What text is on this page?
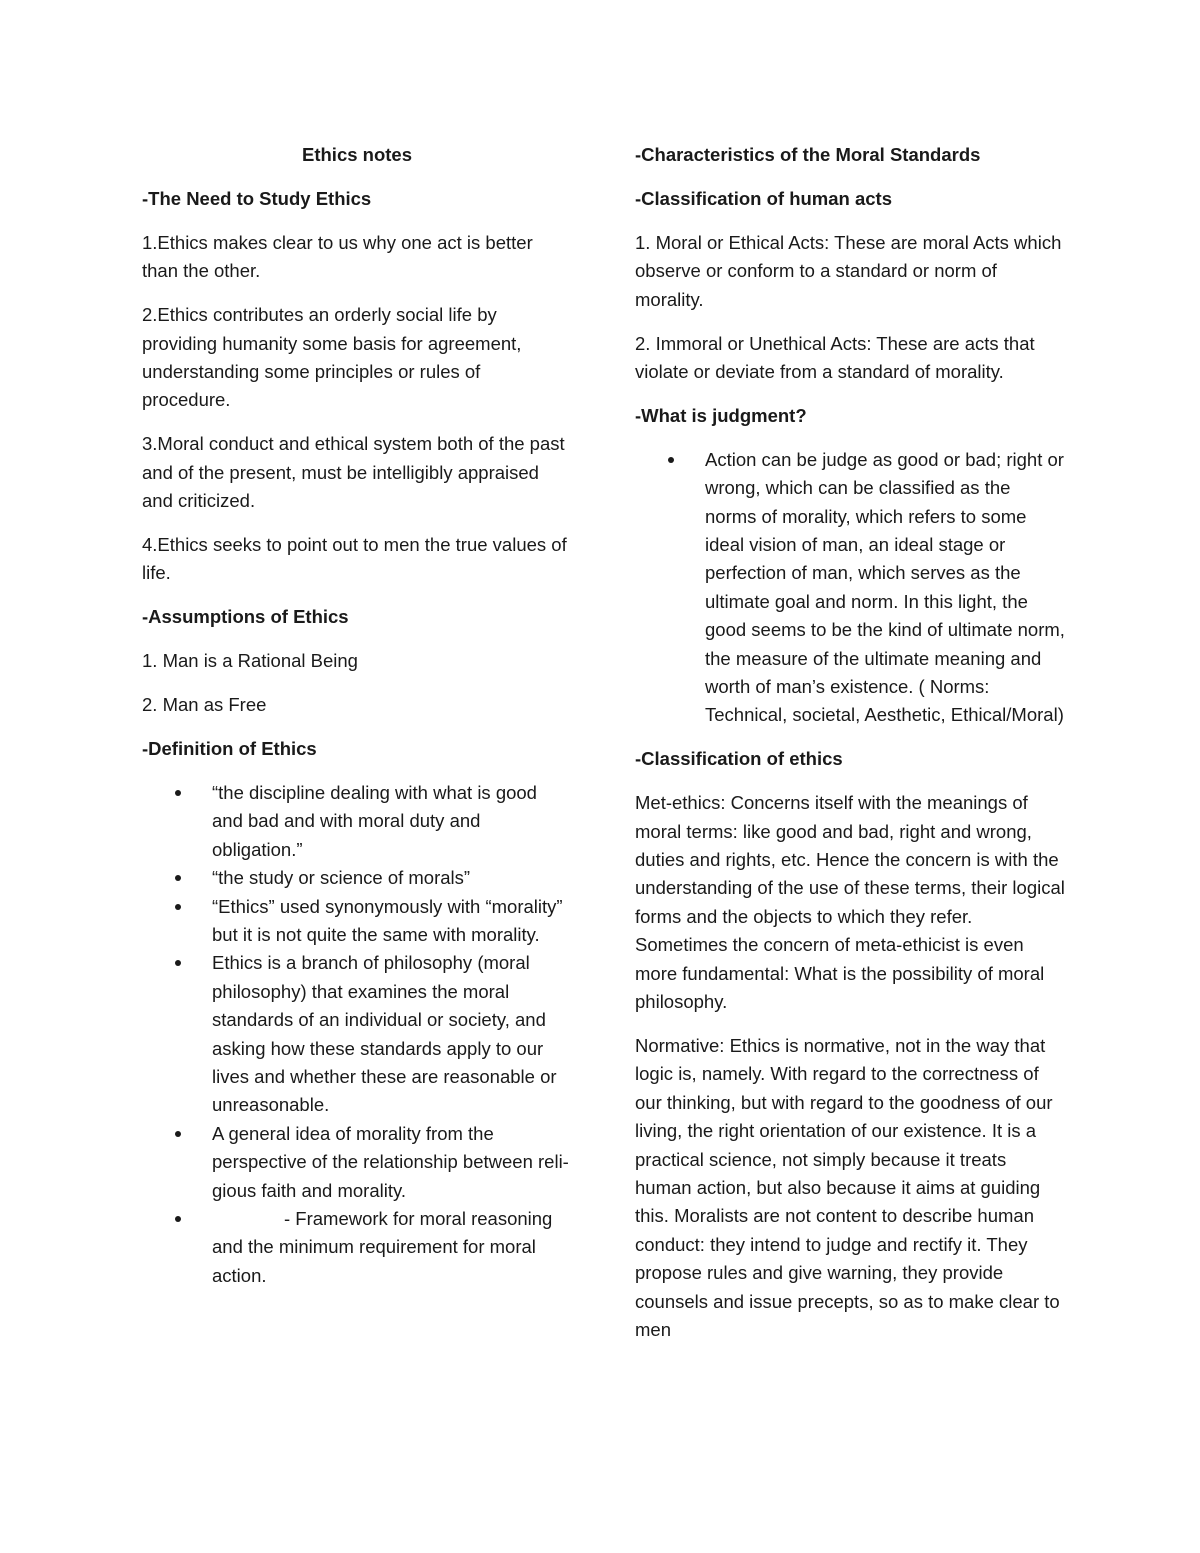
Ethics notes

-The Need to Study Ethics

1.Ethics makes clear to us why one act is better than the other.

2.Ethics contributes an orderly social life by providing humanity some basis for agreement, understanding some principles or rules of procedure.

3.Moral conduct and ethical system both of the past and of the present, must be intelligibly appraised and criticized.

4.Ethics seeks to point out to men the true values of life.

-Assumptions of Ethics

1. Man is a Rational Being

2. Man as Free

-Definition of Ethics

“the discipline dealing with what is good and bad and with moral duty and obligation.”
“the study or science of morals”
“Ethics” used synonymously with “morality” but it is not quite the same with morality.
Ethics is a branch of philosophy (moral philosophy) that examines the moral standards of an individual or society, and asking how these standards apply to our lives and whether these are reasonable or unreasonable.
A general idea of morality from the perspective of the relationship between reli-gious faith and morality.
- Framework for moral reasoning and the minimum requirement for moral action.

-Characteristics of the Moral Standards

-Classification of human acts

1. Moral or Ethical Acts: These are moral Acts which observe or conform to a standard or norm of morality.

2. Immoral or Unethical Acts: These are acts that violate or deviate from a standard of morality.

-What is judgment?

Action can be judge as good or bad; right or wrong, which can be classified as the norms of morality, which refers to some ideal vision of man, an ideal stage or perfection of man, which serves as the ultimate goal and norm. In this light, the good seems to be the kind of ultimate norm, the measure of the ultimate meaning and worth of man’s existence. ( Norms: Technical, societal, Aesthetic, Ethical/Moral)

-Classification of ethics

Met-ethics: Concerns itself with the meanings of moral terms: like good and bad, right and wrong, duties and rights, etc. Hence the concern is with the understanding of the use of these terms, their logical forms and the objects to which they refer. Sometimes the concern of meta-ethicist is even more fundamental: What is the possibility of moral philosophy.

Normative: Ethics is normative, not in the way that logic is, namely. With regard to the correctness of our thinking, but with regard to the goodness of our living, the right orientation of our existence. It is a practical science, not simply because it treats human action, but also because it aims at guiding this. Moralists are not content to describe human conduct: they intend to judge and rectify it. They propose rules and give warning, they provide counsels and issue precepts, so as to make clear to men
